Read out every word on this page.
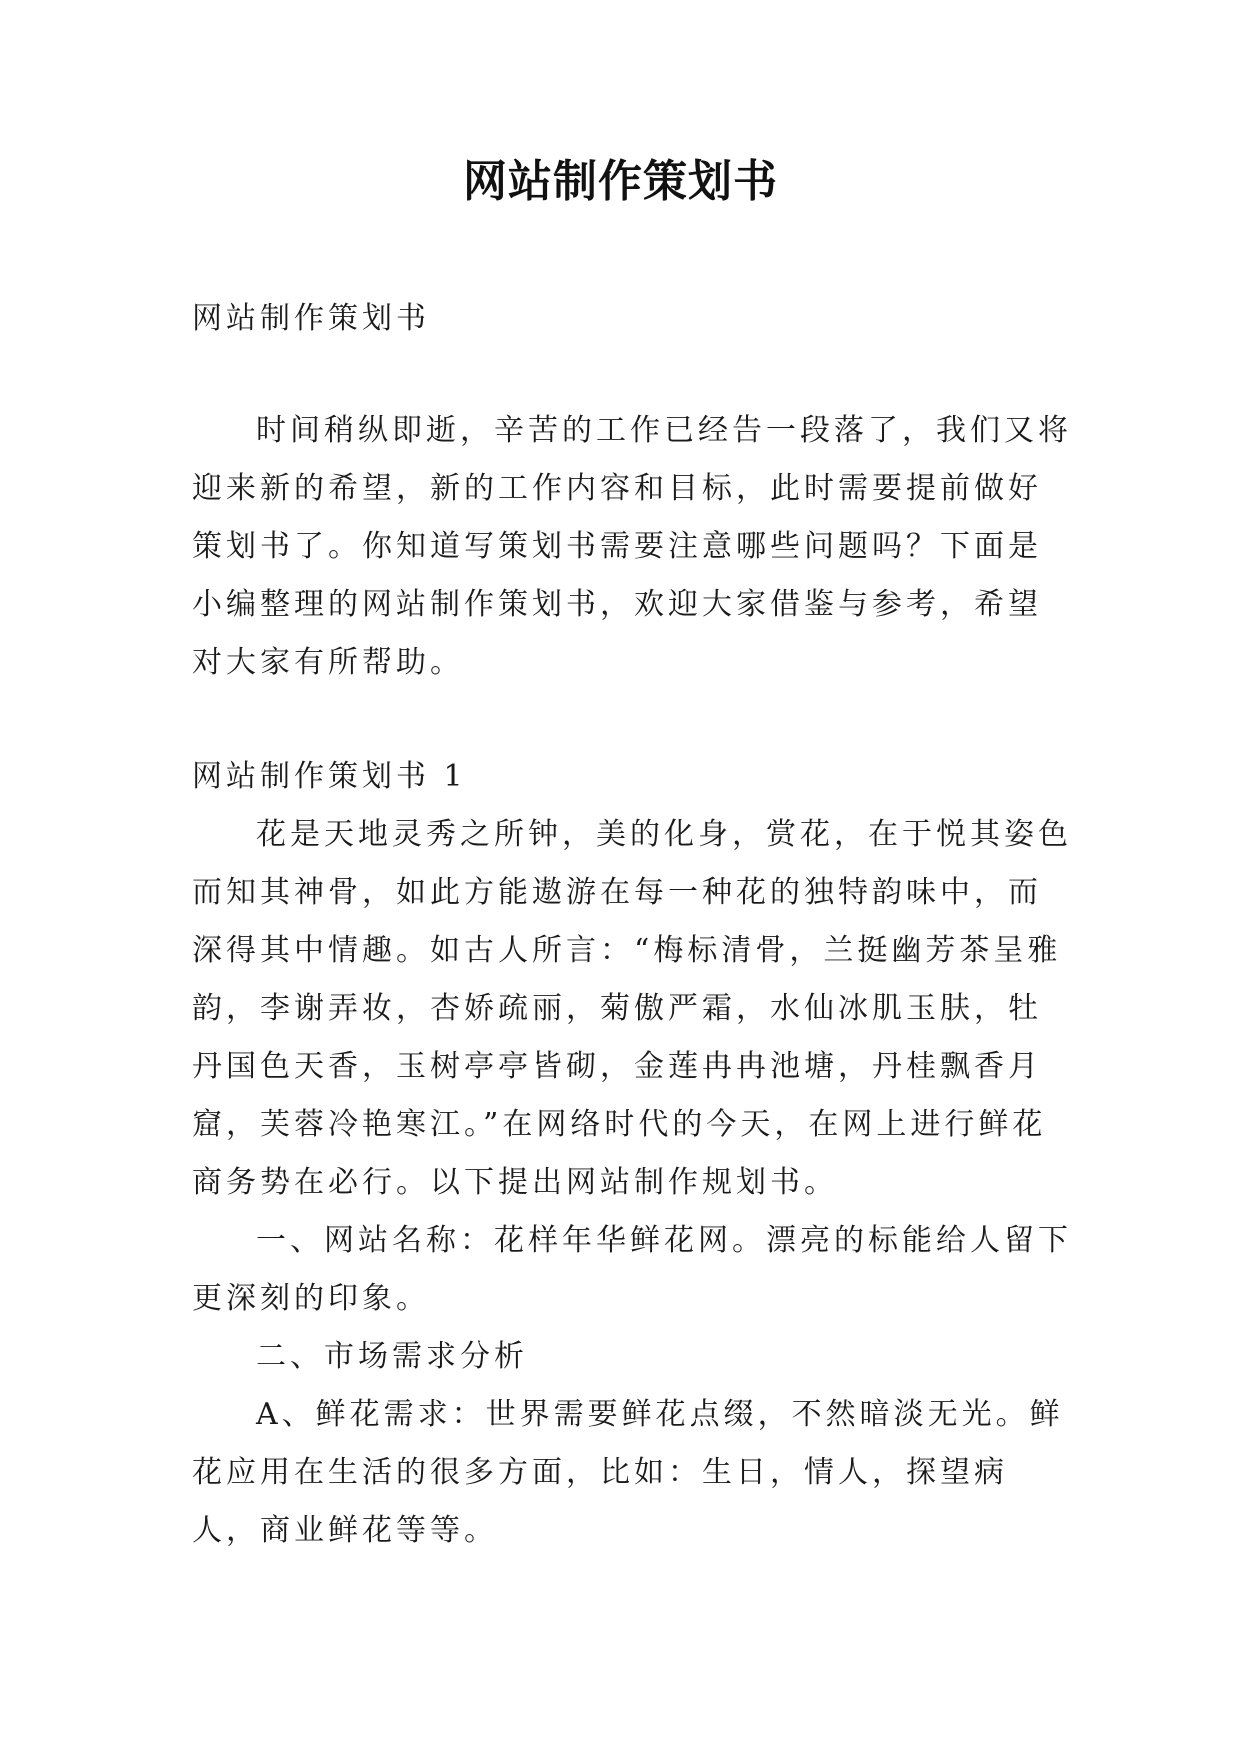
网站制作策划书

网站制作策划书

时间稍纵即逝，辛苦的工作已经告一段落了，我们又将迎来新的希望，新的工作内容和目标，此时需要提前做好策划书了。你知道写策划书需要注意哪些问题吗？下面是小编整理的网站制作策划书，欢迎大家借鉴与参考，希望对大家有所帮助。

网站制作策划书 1

花是天地灵秀之所钟，美的化身，赏花，在于悦其姿色而知其神骨，如此方能遨游在每一种花的独特韵味中，而深得其中情趣。如古人所言：“梅标清骨，兰挺幽芳茶呈雅韵，李谢弄妆，杏娇疏丽，菊傲严霜，水仙冰肌玉肤，牡丹国色天香，玉树亭亭皆砌，金莲冉冉池塘，丹桂飘香月窟，芙蓉冷艳寒江。”在网络时代的今天，在网上进行鲜花商务势在必行。以下提出网站制作规划书。

一、网站名称：花样年华鲜花网。漂亮的标能给人留下更深刻的印象。

二、市场需求分析

A、鲜花需求：世界需要鲜花点缀，不然暗淡无光。鲜花应用在生活的很多方面，比如：生日，情人，探望病人，商业鲜花等等。
